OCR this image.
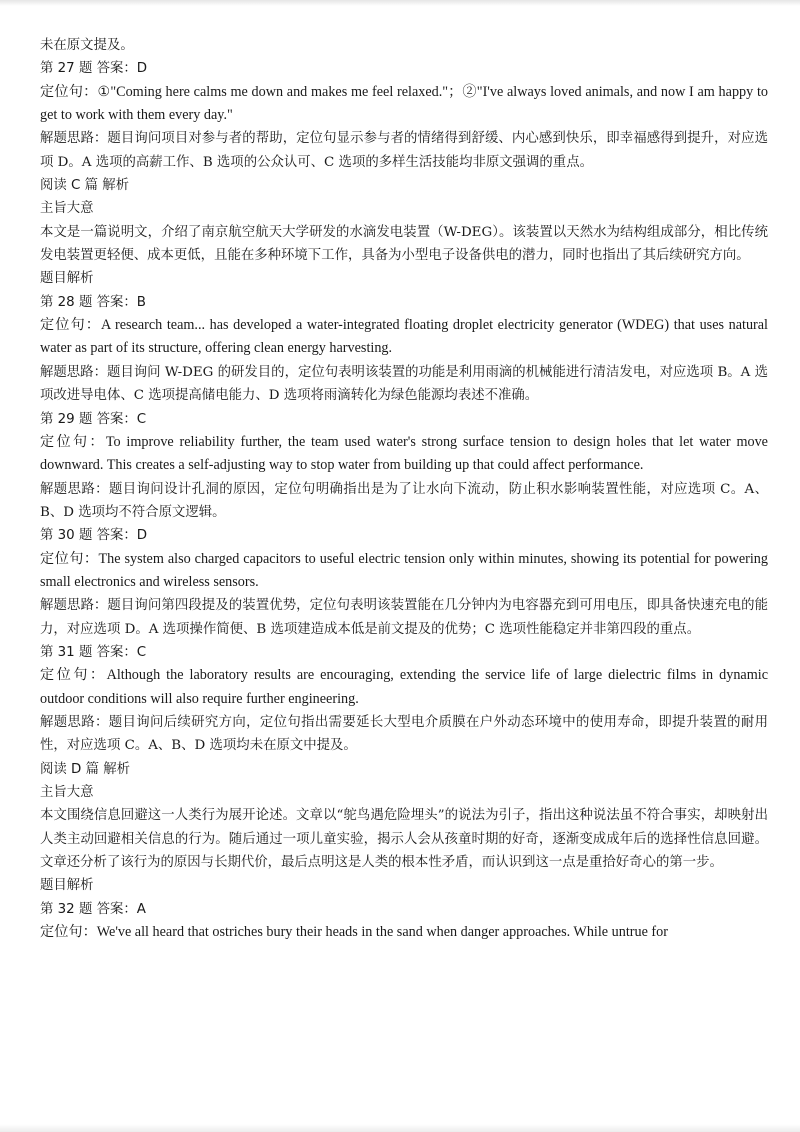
未在原文提及。
第 27 题 答案：D
定位句：①"Coming here calms me down and makes me feel relaxed."；②"I've always loved animals, and now I am happy to get to work with them every day."
解题思路：题目询问项目对参与者的帮助，定位句显示参与者的情绪得到舒缓、内心感到快乐，即幸福感得到提升，对应选项 D。A 选项的高薪工作、B 选项的公众认可、C 选项的多样生活技能均非原文强调的重点。
阅读 C 篇 解析
主旨大意
本文是一篇说明文，介绍了南京航空航天大学研发的水滴发电装置（W-DEG）。该装置以天然水为结构组成部分，相比传统发电装置更轻便、成本更低，且能在多种环境下工作，具备为小型电子设备供电的潜力，同时也指出了其后续研究方向。
题目解析
第 28 题 答案：B
定位句：A research team... has developed a water-integrated floating droplet electricity generator (WDEG) that uses natural water as part of its structure, offering clean energy harvesting.
解题思路：题目询问 W-DEG 的研发目的，定位句表明该装置的功能是利用雨滴的机械能进行清洁发电，对应选项 B。A 选项改进导电体、C 选项提高储电能力、D 选项将雨滴转化为绿色能源均表述不准确。
第 29 题 答案：C
定位句：To improve reliability further, the team used water's strong surface tension to design holes that let water move downward. This creates a self-adjusting way to stop water from building up that could affect performance.
解题思路：题目询问设计孔洞的原因，定位句明确指出是为了让水向下流动，防止积水影响装置性能，对应选项 C。A、B、D 选项均不符合原文逻辑。
第 30 题 答案：D
定位句：The system also charged capacitors to useful electric tension only within minutes, showing its potential for powering small electronics and wireless sensors.
解题思路：题目询问第四段提及的装置优势，定位句表明该装置能在几分钟内为电容器充到可用电压，即具备快速充电的能力，对应选项 D。A 选项操作简便、B 选项建造成本低是前文提及的优势；C 选项性能稳定并非第四段的重点。
第 31 题 答案：C
定位句：Although the laboratory results are encouraging, extending the service life of large dielectric films in dynamic outdoor conditions will also require further engineering.
解题思路：题目询问后续研究方向，定位句指出需要延长大型电介质膜在户外动态环境中的使用寿命，即提升装置的耐用性，对应选项 C。A、B、D 选项均未在原文中提及。
阅读 D 篇 解析
主旨大意
本文围绕信息回避这一人类行为展开论述。文章以“鸵鸟遇危险埋头”的说法为引子，指出这种说法虽不符合事实，却映射出人类主动回避相关信息的行为。随后通过一项儿童实验，揭示人会从孩童时期的好奇，逐渐变成成年后的选择性信息回避。文章还分析了该行为的原因与长期代价，最后点明这是人类的根本性矛盾，而认识到这一点是重拾好奇心的第一步。
题目解析
第 32 题 答案：A
定位句：We've all heard that ostriches bury their heads in the sand when danger approaches. While untrue for
